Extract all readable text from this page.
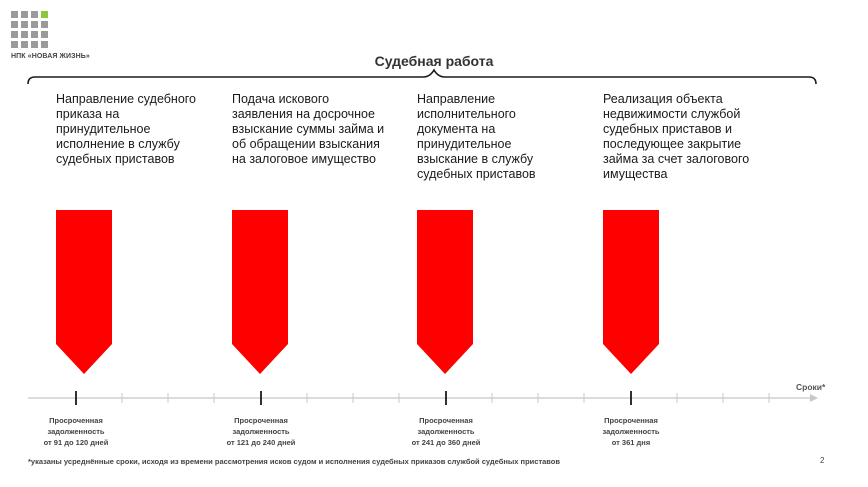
НПК «НОВАЯ ЖИЗНЬ»	Судебная работа
Направление судебного приказа на принудительное исполнение в службу судебных приставов
Подача искового заявления на досрочное взыскание суммы займа и об обращении взыскания на залоговое имущество
Направление исполнительного документа на принудительное взыскание в службу судебных приставов
Реализация объекта недвижимости службой судебных приставов и последующее закрытие займа за счет залогового имущества
Сроки*
Просроченная
задолженность
от 91 до 120 дней
Просроченная
задолженность
от 121 до 240 дней
Просроченная
задолженность
от 241 до 360 дней
Просроченная
задолженность
от 361 дня
*указаны усреднённые сроки, исходя из времени рассмотрения исков судом и исполнения судебных приказов службой судебных приставов	2
